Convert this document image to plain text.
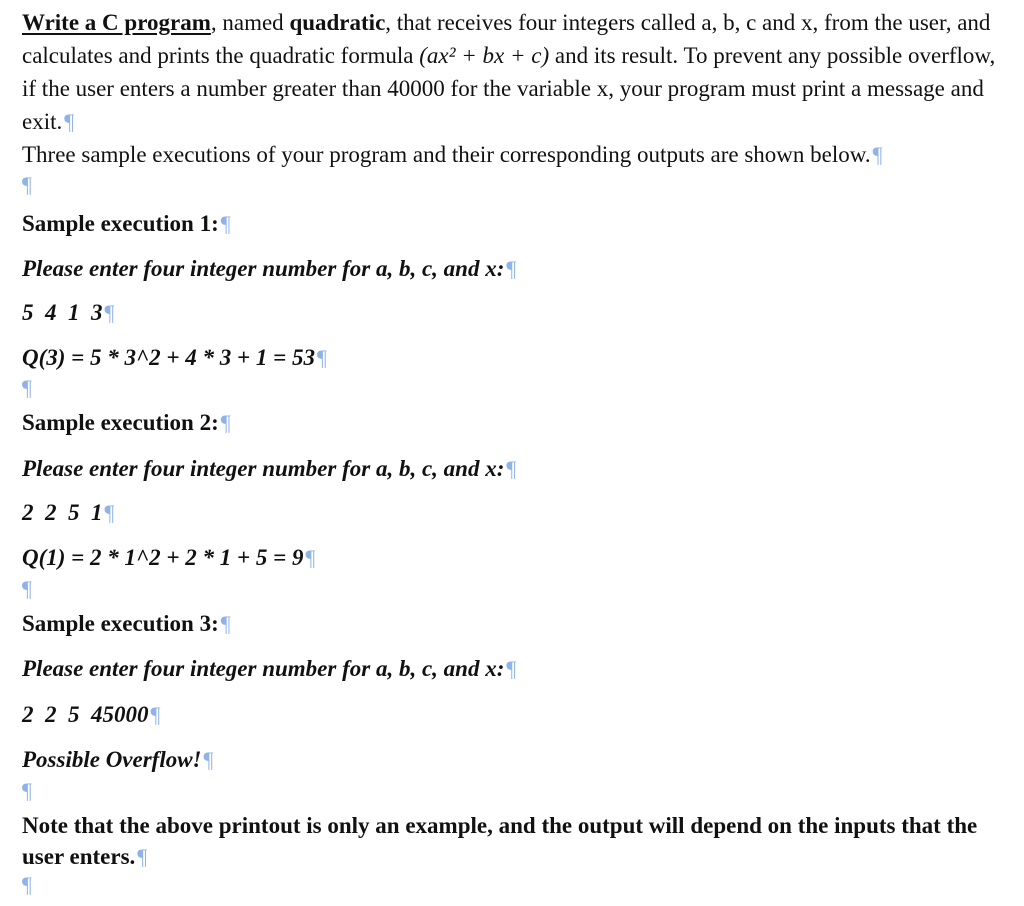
Write a C program, named quadratic, that receives four integers called a, b, c and x, from the user, and calculates and prints the quadratic formula (ax² + bx + c) and its result. To prevent any possible overflow, if the user enters a number greater than 40000 for the variable x, your program must print a message and exit.¶

Three sample executions of your program and their corresponding outputs are shown below.¶

¶
Sample execution 1:¶
Please enter four integer number for a, b, c, and x:¶
5  4  1  3¶
Q(3) = 5 * 3^2 + 4 * 3 + 1 = 53¶
¶
Sample execution 2:¶
Please enter four integer number for a, b, c, and x:¶
2  2  5  1¶
Q(1) = 2 * 1^2 + 2 * 1 + 5 = 9¶
¶
Sample execution 3:¶
Please enter four integer number for a, b, c, and x:¶
2  2  5  45000¶
Possible Overflow!¶
¶
Note that the above printout is only an example, and the output will depend on the inputs that the user enters.¶
¶
